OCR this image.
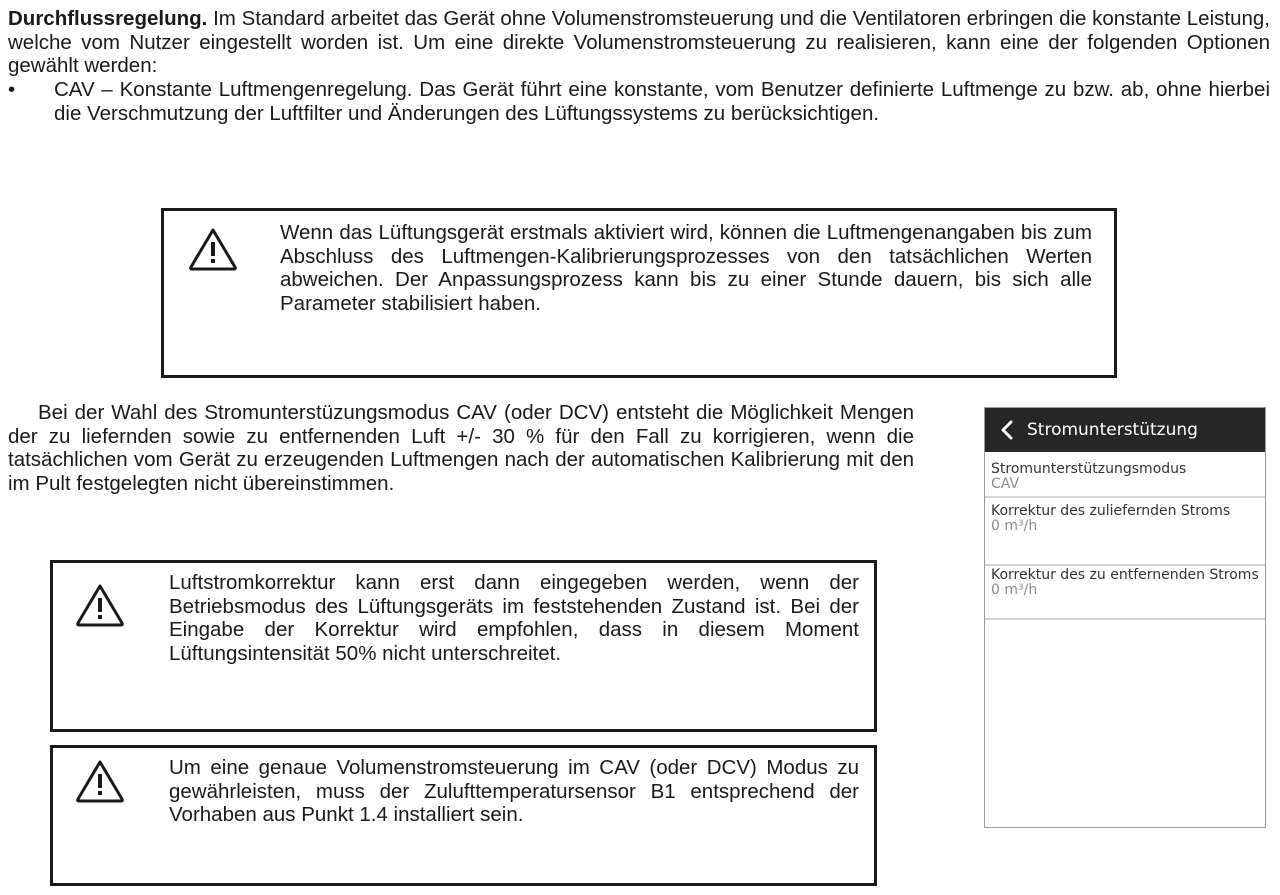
Durchflussregelung. Im Standard arbeitet das Gerät ohne Volumenstromsteuerung und die Ventilatoren erbringen die konstante Leistung, welche vom Nutzer eingestellt worden ist. Um eine direkte Volumenstromsteuerung zu realisieren, kann eine der folgenden Optionen gewählt werden:

•	CAV – Konstante Luftmengenregelung. Das Gerät führt eine konstante, vom Benutzer definierte Luftmenge zu bzw. ab, ohne hierbei die Verschmutzung der Luftfilter und Änderungen des Lüftungssystems zu berücksichtigen.

Wenn das Lüftungsgerät erstmals aktiviert wird, können die Luftmengenangaben bis zum Abschluss des Luftmengen-Kalibrierungsprozesses von den tatsächlichen Werten abweichen. Der Anpassungsprozess kann bis zu einer Stunde dauern, bis sich alle Parameter stabilisiert haben.

Bei der Wahl des Stromunterstüzungsmodus CAV (oder DCV) entsteht die Möglichkeit Mengen der zu liefernden sowie zu entfernenden Luft +/- 30 % für den Fall zu korrigieren, wenn die tatsächlichen vom Gerät zu erzeugenden Luftmengen nach der automatischen Kalibrierung mit den im Pult festgelegten nicht übereinstimmen.

Luftstromkorrektur kann erst dann eingegeben werden, wenn der Betriebsmodus des Lüftungsgeräts im feststehenden Zustand ist. Bei der Eingabe der Korrektur wird empfohlen, dass in diesem Moment Lüftungsintensität 50% nicht unterschreitet.

Um eine genaue Volumenstromsteuerung im CAV (oder DCV) Modus zu gewährleisten, muss der Zulufttemperatursensor B1 entsprechend der Vorhaben aus Punkt 1.4 installiert sein.

Stromunterstützung
Stromunterstützungsmodus
CAV
Korrektur des zuliefernden Stroms
0 m³/h
Korrektur des zu entfernenden Stroms
0 m³/h
